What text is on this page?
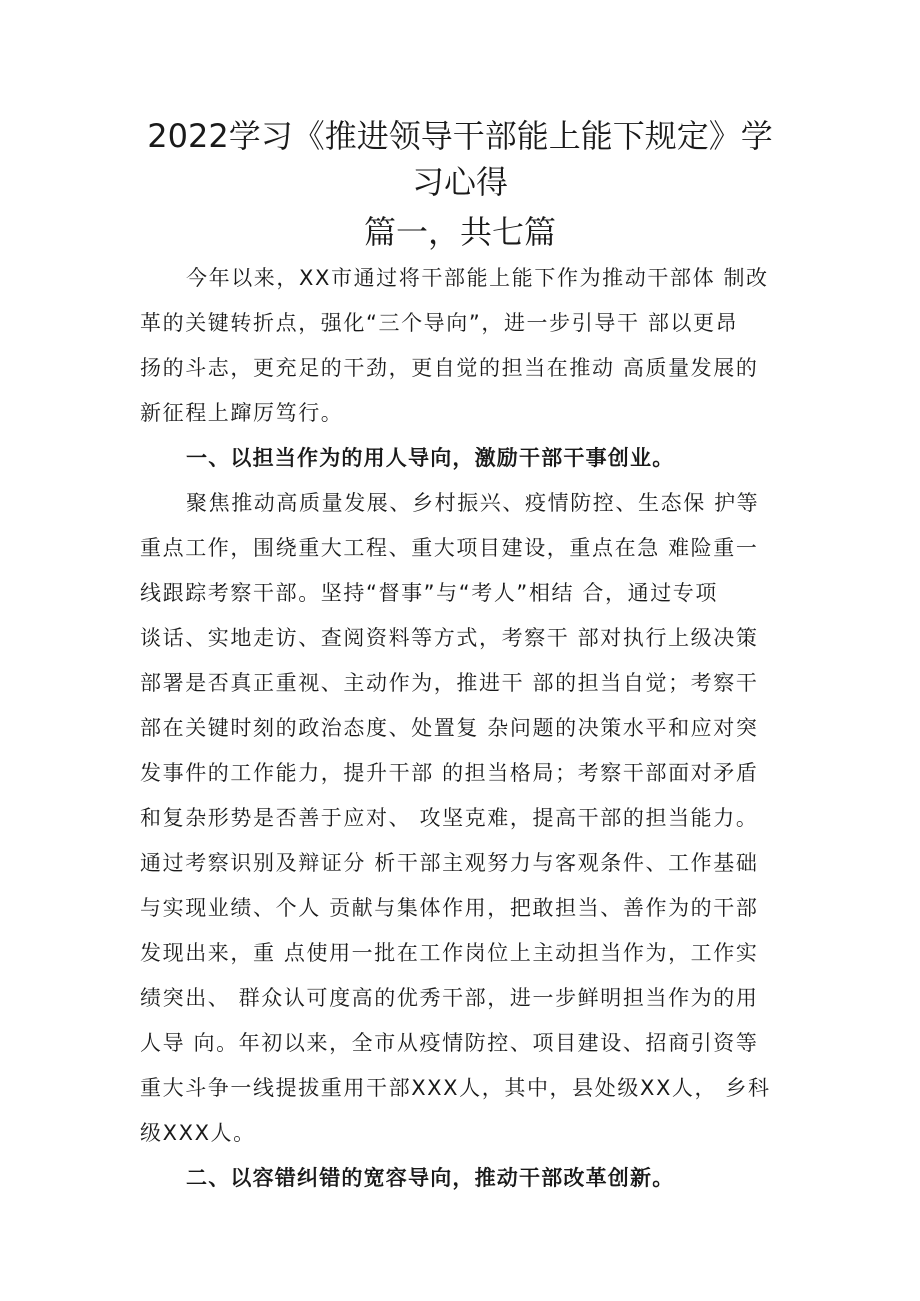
2022学习《推进领导干部能上能下规定》学
习心得
篇一，共七篇

今年以来，XX市通过将干部能上能下作为推动干部体 制改

革的关键转折点，强化“三个导向”，进一步引导干 部以更昂

扬的斗志，更充足的干劲，更自觉的担当在推动 高质量发展的

新征程上蹿厉笃行。

一、以担当作为的用人导向，激励干部干事创业。

聚焦推动高质量发展、乡村振兴、疫情防控、生态保 护等

重点工作，围绕重大工程、重大项目建设，重点在急 难险重一

线跟踪考察干部。坚持“督事”与“考人”相结 合，通过专项

谈话、实地走访、查阅资料等方式，考察干 部对执行上级决策

部署是否真正重视、主动作为，推进干 部的担当自觉；考察干

部在关键时刻的政治态度、处置复 杂问题的决策水平和应对突

发事件的工作能力，提升干部 的担当格局；考察干部面对矛盾

和复杂形势是否善于应对、 攻坚克难，提高干部的担当能力。

通过考察识别及辩证分 析干部主观努力与客观条件、工作基础

与实现业绩、个人 贡献与集体作用，把敢担当、善作为的干部

发现出来，重 点使用一批在工作岗位上主动担当作为，工作实

绩突出、 群众认可度高的优秀干部，进一步鲜明担当作为的用

人导 向。年初以来，全市从疫情防控、项目建设、招商引资等

重大斗争一线提拔重用干部XXX人，其中，县处级XX人， 乡科

级XXX人。

二、以容错纠错的宽容导向，推动干部改革创新。
